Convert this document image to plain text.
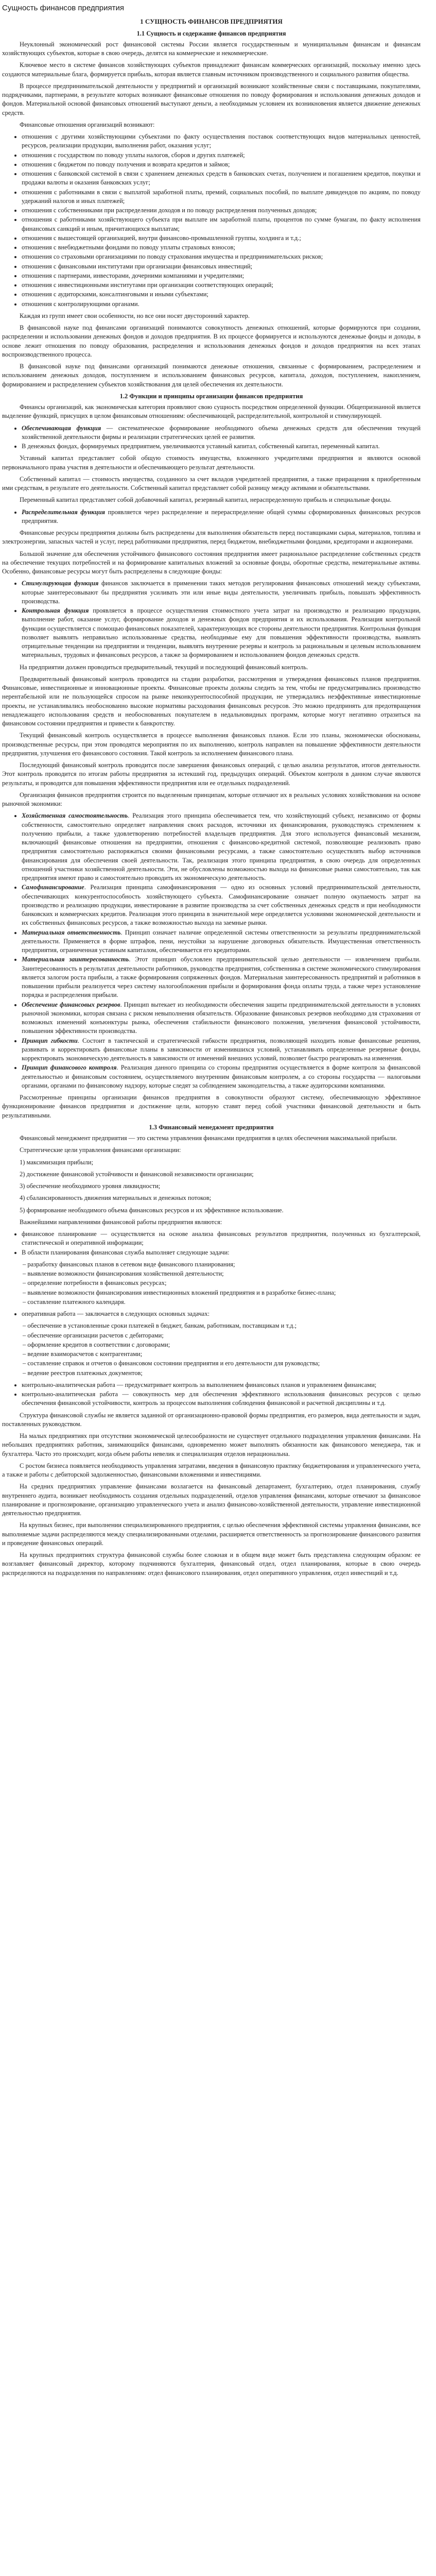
Сущность финансов предприятия
1 СУЩНОСТЬ ФИНАНСОВ ПРЕДПРИЯТИЯ
1.1 Сущность и содержание финансов предприятия

Неуклонный экономический рост финансовой системы России является государственным и муниципальным финансам и финансам хозяйствующих субъектов, которые в свою очередь, делятся на коммерческие и некоммерческие.

Ключевое место в системе финансов хозяйствующих субъектов принадлежит финансам коммерческих организаций, поскольку именно здесь создаются материальные блага, формируется прибыль, которая является главным источником производственного и социального развития общества.

В процессе предпринимательской деятельности у предприятий и организаций возникают хозяйственные связи с поставщиками, покупателями, подрядчиками, партнерами, в результате которых возникают финансовые отношения по поводу формирования и использования денежных доходов и фондов. Материальной основой финансовых отношений выступают деньги, а необходимым условием их возникновения является движение денежных средств.

Финансовые отношения организаций возникают:

• отношения с другими хозяйствующими субъектами по факту осуществления поставок соответствующих видов материальных ценностей, ресурсов, реализации продукции, выполнения работ, оказания услуг;
• отношения с государством по поводу уплаты налогов, сборов и других платежей;
• отношения с бюджетом по поводу получения и возврата кредитов и займов;
• отношения с банковской системой в связи с хранением денежных средств в банковских счетах, получением и погашением кредитов, покупки и продажи валюты и оказания банковских услуг;
• отношения с работниками в связи с выплатой заработной платы, премий, социальных пособий, по выплате дивидендов по акциям, по поводу удержаний налогов и иных платежей;
• отношения с собственниками при распределении доходов и по поводу распределения полученных доходов;
• отношения с работниками хозяйствующего субъекта при выплате им заработной платы, процентов по сумме бумагам, по факту исполнения финансовых санкций и иным, причитающихся выплатам;
• отношения с вышестоящей организацией, внутри финансово-промышленной группы, холдинга и т.д.;
• отношения с внебюджетными фондами по поводу уплаты страховых взносов;
• отношения со страховыми организациями по поводу страхования имущества и предпринимательских рисков;
• отношения с финансовыми институтами при организации финансовых инвестиций;
• отношения с партнерами, инвесторами, дочерними компаниями и учредителями;
• отношения с инвестиционными институтами при организации соответствующих операций;
• отношения с аудиторскими, консалтинговыми и иными субъектами;
• отношения с контролирующими органами.

Каждая из групп имеет свои особенности, но все они носят двусторонний характер.

В финансовой науке под финансами организаций понимаются совокупность денежных отношений, которые формируются при создании, распределении и использовании денежных фондов и доходов предприятия. В их процессе формируется и используются денежные фонды и доходы, в основе лежит отношения по поводу образования, распределения и использования денежных фондов и доходов предприятия на всех этапах воспроизводственного процесса.

В финансовой науке под финансами организаций понимаются денежные отношения, связанные с формированием, распределением и использованием денежных доходов, поступлением и использованием финансовых ресурсов, капитала, доходов, поступлением, накоплением, формированием и распределением субъектов хозяйствования для целей обеспечения их деятельности.

1.2 Функции и принципы организации финансов предприятия

Финансы организаций, как экономическая категория проявляют свою сущность посредством определенной функции. Общепризнанной является выделение функций, присущих в целом финансовым отношениям: обеспечивающей, распределительной, контрольной и стимулирующей.

• Обеспечивающая функция — систематическое формирование необходимого объема денежных средств для обеспечения текущей хозяйственной деятельности фирмы и реализации стратегических целей ее развития.
• В денежных фондах, формируемых предприятием, увеличиваются уставный капитал, собственный капитал, переменный капитал.

Уставный капитал представляет собой общую стоимость имущества, вложенного учредителями предприятия и являются основой первоначального права участия в деятельности и обеспечивающего результат деятельности.

Собственный капитал — стоимость имущества, созданного за счет вкладов учредителей предприятия, а также приращения к приобретенным ими средствам, в результате его деятельности. Собственный капитал представляет собой разницу между активами и обязательствами.

Переменный капитал представляет собой добавочный капитал, резервный капитал, нераспределенную прибыль и специальные фонды.

• Распределительная функция проявляется через распределение и перераспределение общей суммы сформированных финансовых ресурсов предприятия.

Финансовые ресурсы предприятия должны быть распределены для выполнения обязательств перед поставщиками сырья, материалов, топлива и электроэнергии, запасных частей и услуг, перед работниками предприятия, перед бюджетом, внебюджетными фондами, кредиторами и акционерами.

Большой значение для обеспечения устойчивого финансового состояния предприятия имеет рациональное распределение собственных средств на обеспечение текущих потребностей и на формирование капитальных вложений за основные фонды, оборотные средства, нематериальные активы. Особенно, финансовые ресурсы могут быть распределены в следующие фонды:

• Стимулирующая функция финансов заключается в применении таких методов регулирования финансовых отношений между субъектами, которые заинтересовывают бы предприятия усиливать эти или иные виды деятельности, увеличивать прибыль, повышать эффективность производства.
• Контрольная функция проявляется в процессе осуществления стоимостного учета затрат на производство и реализацию продукции, выполнение работ, оказание услуг, формирование доходов и денежных фондов предприятия и их использования. Реализация контрольной функции осуществляется с помощью финансовых показателей, характеризующих все стороны деятельности предприятия. Контрольная функция позволяет выявлять неправильно использованные средства, необходимые ему для повышения эффективности производства, выявлять отрицательные тенденции на предприятии и тенденции, выявлять внутренние резервы и контроль за рациональным и целевым использованием материальных, трудовых и финансовых ресурсов, а также за формированием и использованием фондов денежных средств.

На предприятии должен проводиться предварительный, текущий и последующий финансовый контроль.

Предварительный финансовый контроль проводится на стадии разработки, рассмотрения и утверждения финансовых планов предприятия. Финансовые, инвестиционные и инновационные проекты. Финансовые проекты должны следить за тем, чтобы не предусматривались производство нерентабельной или не пользующейся спросом на рынке неконкурентоспособной продукции, не утверждались неэффективные инвестиционные проекты, не устанавливались необоснованно высокие нормативы расходования финансовых ресурсов. Это можно предпринять для предотвращения ненадлежащего использования средств и необоснованных покупателем в недальновидных программ, которые могут негативно отразиться на финансовом состоянии предприятия и привести к банкротству.

Текущий финансовый контроль осуществляется в процессе выполнения финансовых планов. Если это планы, экономически обоснованы, производственные ресурсы, при этом проводятся мероприятия по их выполнению, контроль направлен на повышение эффективности деятельности предприятия, улучшения его финансового состояния. Такой контроль за исполнением финансового плана.

Последующий финансовый контроль проводится после завершения финансовых операций, с целью анализа результатов, итогов деятельности. Этот контроль проводится по итогам работы предприятия за истекший год, предыдущих операций. Объектом контроля в данном случае являются результаты, и проводится для повышения эффективности предприятия или ее отдельных подразделений.

Организация финансов предприятия строится по выделенным принципам, которые отличают их в реальных условиях хозяйствования на основе рыночной экономики:

• Хозяйственная самостоятельность. Реализация этого принципа обеспечивается тем, что хозяйствующий субъект, независимо от формы собственности, самостоятельно определяет направления своих расходов, источники их финансирования, руководствуясь стремлением к получению прибыли, а также удовлетворению потребностей владельцев предприятия. Для этого используется финансовый механизм, включающий финансовые отношения на предприятии, отношения с финансово-кредитной системой, позволяющие реализовать право предприятия самостоятельно распоряжаться своими финансовыми ресурсами, а также самостоятельно осуществлять выбор источников финансирования для обеспечения своей деятельности. Так, реализация этого принципа предприятия, в свою очередь для определенных отношений участники хозяйственной деятельности. Эти, не обусловлены возможностью выхода на финансовые рынки самостоятельно, так как предприятия имеют право и самостоятельно проводить их экономическую деятельность.
• Самофинансирование. Реализация принципа самофинансирования — одно из основных условий предпринимательской деятельности, обеспечивающих конкурентоспособность хозяйствующего субъекта. Самофинансирование означает полную окупаемость затрат на производство и реализацию продукции, инвестирование в развитие производства за счет собственных денежных средств и при необходимости банковских и коммерческих кредитов. Реализация этого принципа в значительной мере определяется условиями экономической деятельности и их собственных финансовых ресурсов, а также возможностью выхода на заемные рынки.
• Материальная ответственность. Принцип означает наличие определенной системы ответственности за результаты предпринимательской деятельности. Применяется в форме штрафов, пени, неустойки за нарушение договорных обязательств. Имущественная ответственность предприятия, ограниченная уставным капиталом, обеспечивается его кредиторами.
• Материальная заинтересованность. Этот принцип обусловлен предпринимательской целью деятельности — извлечением прибыли. Заинтересованность в результатах деятельности работников, руководства предприятия, собственника в системе экономического стимулирования является залогом роста прибыли, а также формирования сопряженных фондов. Материальная заинтересованность предприятий и работников в повышении прибыли реализуется через систему налогообложения прибыли и формирования фонда оплаты труда, а также через установление порядка и распределения прибыли.
• Обеспечение финансовых резервов. Принцип вытекает из необходимости обеспечения защиты предпринимательской деятельности в условиях рыночной экономики, которая связана с риском невыполнения обязательств. Образование финансовых резервов необходимо для страхования от возможных изменений конъюнктуры рынка, обеспечения стабильности финансового положения, увеличения финансовой устойчивости, повышения эффективности производства.
• Принцип гибкости. Состоит в тактической и стратегической гибкости предприятия, позволяющей находить новые финансовые решения, развивать и корректировать финансовые планы в зависимости от изменившихся условий, устанавливать определенные резервные фонды, корректировать экономическую деятельность в зависимости от изменений внешних условий, позволяет быстро реагировать на изменения.
• Принцип финансового контроля. Реализация данного принципа со стороны предприятия осуществляется в форме контроля за финансовой деятельностью и финансовым состоянием, осуществляемого внутренним финансовым контролем, а со стороны государства — налоговыми органами, органами по финансовому надзору, которые следят за соблюдением законодательства, а также аудиторскими компаниями.

Рассмотренные принципы организации финансов предприятия в совокупности образуют систему, обеспечивающую эффективное функционирование финансов предприятия и достижение цели, которую ставят перед собой участники финансовой деятельности и быть результативными.

1.3 Финансовый менеджмент предприятия

Финансовый менеджмент предприятия — это система управления финансами предприятия в целях обеспечения максимальной прибыли.

Стратегические цели управления финансами организации:

1) максимизация прибыли;

2) достижение финансовой устойчивости и финансовой независимости организации;

3) обеспечение необходимого уровня ликвидности;

4) сбалансированность движения материальных и денежных потоков;

5) формирование необходимого объема финансовых ресурсов и их эффективное использование.

Важнейшими направлениями финансовой работы предприятия являются:

• финансовое планирование — осуществляется на основе анализа финансовых результатов предприятия, полученных из бухгалтерской, статистической и оперативной информации;
• В области планирования финансовая служба выполняет следующие задачи:
– разработку финансовых планов в сетевом виде финансового планирования;
– выявление возможности финансирования хозяйственной деятельности;
– определение потребности в финансовых ресурсах;
– выявление возможности финансирования инвестиционных вложений предприятия и в разработке бизнес-плана;
– составление платежного календаря.
• оперативная работа — заключается в следующих основных задачах:
– обеспечение в установленные сроки платежей в бюджет, банкам, работникам, поставщикам и т.д.;
– обеспечение организации расчетов с дебиторами;
– оформление кредитов в соответствии с договорами;
– ведение взаиморасчетов с контрагентами;
– составление справок и отчетов о финансовом состоянии предприятия и его деятельности для руководства;
– ведение реестров платежных документов;
• контрольно-аналитическая работа — предусматривает контроль за выполнением финансовых планов и управлением финансами;
• контрольно-аналитическая работа — совокупность мер для обеспечения эффективного использования финансовых ресурсов с целью обеспечения финансовой устойчивости, контроль за процессом выполнения соблюдения финансовой и расчетной дисциплины и т.д.

Структура финансовой службы не является заданной от организационно-правовой формы предприятия, его размеров, вида деятельности и задач, поставленных руководством.

На малых предприятиях при отсутствии экономической целесообразности не существует отдельного подразделения управления финансами. На небольших предприятиях работник, занимающийся финансами, одновременно может выполнять обязанности как финансового менеджера, так и бухгалтера. Часто это происходит, когда объем работы невелик и специализация отделов нерациональна.

С ростом бизнеса появляется необходимость управления затратами, введения в финансовую практику бюджетирования и управленческого учета, а также и работы с дебиторской задолженностью, финансовыми вложениями и инвестициями.

На средних предприятиях управление финансами возлагается на финансовый департамент, бухгалтерию, отдел планирования, службу внутреннего аудита, возникает необходимость создания отдельных подразделений, отделов управления финансами, которые отвечают за финансовое планирование и прогнозирование, организацию управленческого учета и анализ финансово-хозяйственной деятельности, управление инвестиционной деятельностью предприятия.

На крупных бизнес, при выполнении специализированного предприятия, с целью обеспечения эффективной системы управления финансами, все выполняемые задачи распределяются между специализированными отделами, расширяется ответственность за прогнозирование финансового развития и проведение финансовых операций.

На крупных предприятиях структура финансовой службы более сложная и в общем виде может быть представлена следующим образом: ее возглавляет финансовый директор, которому подчиняются бухгалтерия, финансовый отдел, отдел планирования, которые в свою очередь распределяются на подразделения по направлениям: отдел финансового планирования, отдел оперативного управления, отдел инвестиций и т.д.
